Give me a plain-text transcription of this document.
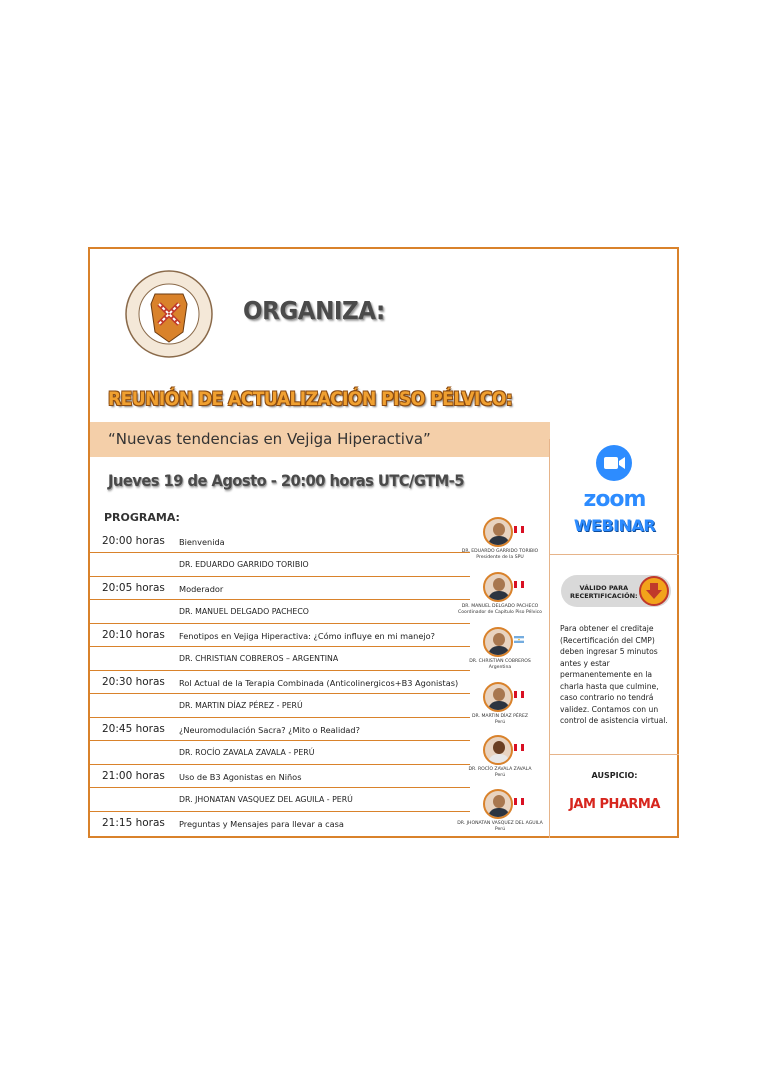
ORGANIZA:
REUNIÓN DE ACTUALIZACIÓN PISO PÉLVICO:
“Nuevas tendencias en Vejiga Hiperactiva”
Jueves 19 de Agosto - 20:00 horas UTC/GTM-5
PROGRAMA:
20:00 horas Bienvenida
DR. EDUARDO GARRIDO TORIBIO
20:05 horas Moderador
DR. MANUEL DELGADO PACHECO
20:10 horas Fenotipos en Vejiga Hiperactiva: ¿Cómo influye en mi manejo?
DR. CHRISTIAN COBREROS – ARGENTINA
20:30 horas Rol Actual de la Terapia Combinada (Anticolinergicos+B3 Agonistas)
DR. MARTIN DÍAZ PÉREZ - PERÚ
20:45 horas ¿Neuromodulación Sacra? ¿Mito o Realidad?
DR. ROCÍO ZAVALA ZAVALA - PERÚ
21:00 horas Uso de B3 Agonistas en Niños
DR. JHONATAN VASQUEZ DEL AGUILA - PERÚ
21:15 horas Preguntas y Mensajes para llevar a casa
DR. EDUARDO GARRIDO TORIBIO
Presidente de la SPU
DR. MANUEL DELGADO PACHECO
Coordinador de Capítulo Piso Pélvico
DR. CHRISTIAN COBREROS
Argentina
DR. MARTIN DÍAZ PÉREZ
Perú
DR. ROCÍO ZAVALA ZAVALA
Perú
DR. JHONATAN VASQUEZ DEL AGUILA
Perú
zoom
WEBINAR
VÁLIDO PARA
RECERTIFICACIÓN:
Para obtener el creditaje (Recertificación del CMP) deben ingresar 5 minutos antes y estar permanentemente en la charla hasta que culmine, caso contrario no tendrá validez. Contamos con un control de asistencia virtual.
AUSPICIO:
JAM PHARMA
